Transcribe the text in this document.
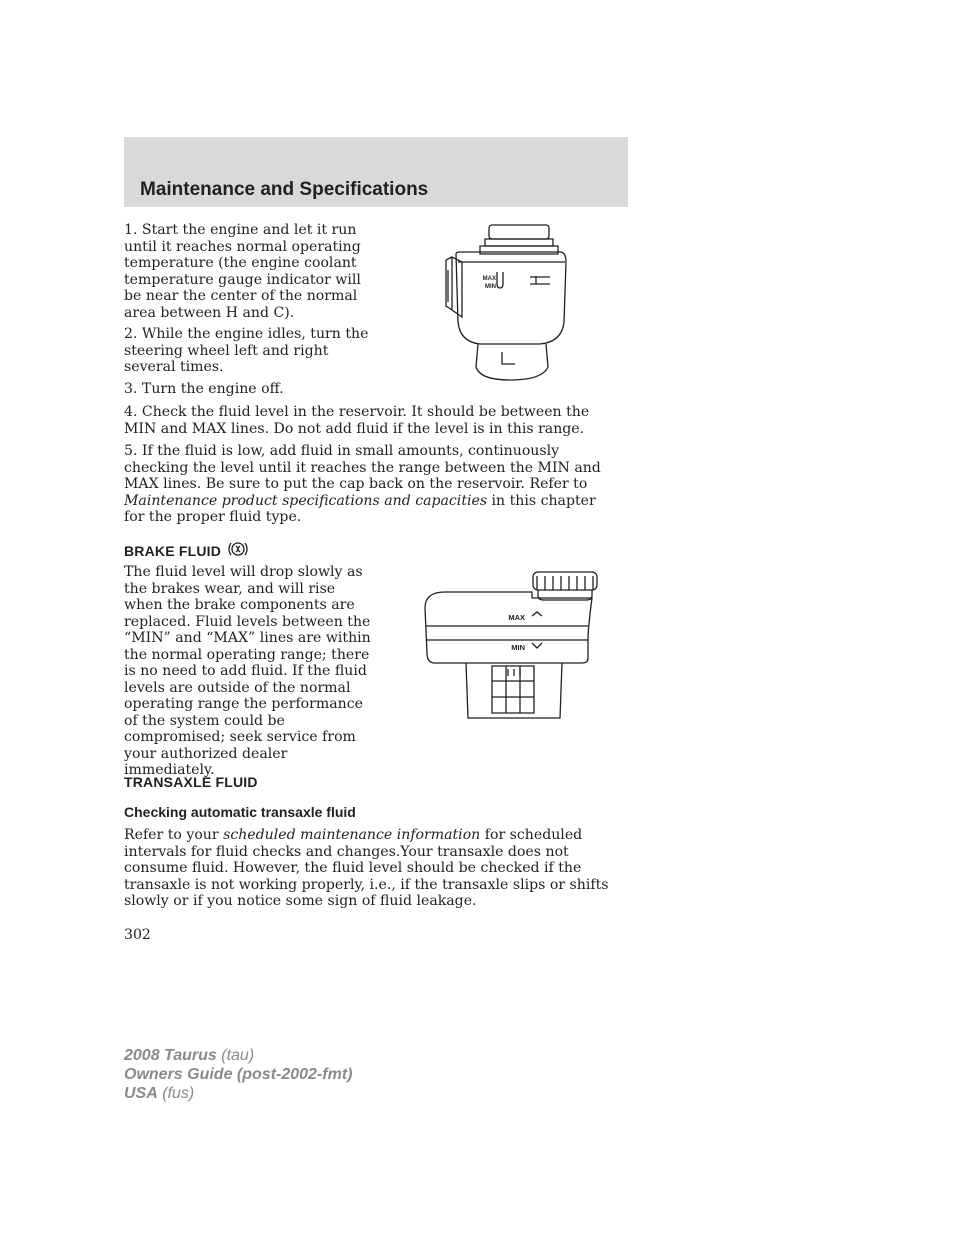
Maintenance and Specifications

1. Start the engine and let it run until it reaches normal operating temperature (the engine coolant temperature gauge indicator will be near the center of the normal area between H and C).

2. While the engine idles, turn the steering wheel left and right several times.

3. Turn the engine off.

MAX
MIN

4. Check the fluid level in the reservoir. It should be between the MIN and MAX lines. Do not add fluid if the level is in this range.

5. If the fluid is low, add fluid in small amounts, continuously checking the level until it reaches the range between the MIN and MAX lines. Be sure to put the cap back on the reservoir. Refer to Maintenance product specifications and capacities in this chapter for the proper fluid type.

BRAKE FLUID

The fluid level will drop slowly as the brakes wear, and will rise when the brake components are replaced. Fluid levels between the “MIN” and “MAX” lines are within the normal operating range; there is no need to add fluid. If the fluid levels are outside of the normal operating range the performance of the system could be compromised; seek service from your authorized dealer immediately.

MAX
MIN
TRANSAXLE FLUID
Checking automatic transaxle fluid

Refer to your scheduled maintenance information for scheduled intervals for fluid checks and changes.Your transaxle does not consume fluid. However, the fluid level should be checked if the transaxle is not working properly, i.e., if the transaxle slips or shifts slowly or if you notice some sign of fluid leakage.

302

2008 Taurus (tau)
Owners Guide (post-2002-fmt)
USA (fus)
